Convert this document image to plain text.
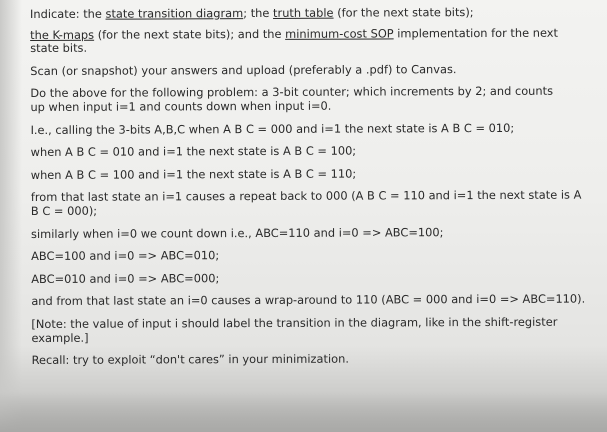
Indicate: the state transition diagram; the truth table (for the next state bits);
the K-maps (for the next state bits); and the minimum-cost SOP implementation for the next
state bits.
Scan (or snapshot) your answers and upload (preferably a .pdf) to Canvas.
Do the above for the following problem: a 3-bit counter; which increments by 2; and counts
up when input i=1 and counts down when input i=0.
I.e., calling the 3-bits A,B,C when A B C = 000 and i=1 the next state is A B C = 010;
when A B C = 010 and i=1 the next state is A B C = 100;
when A B C = 100 and i=1 the next state is A B C = 110;
from that last state an i=1 causes a repeat back to 000 (A B C = 110 and i=1 the next state is A
B C = 000);
similarly when i=0 we count down i.e., ABC=110 and i=0 => ABC=100;
ABC=100 and i=0 => ABC=010;
ABC=010 and i=0 => ABC=000;
and from that last state an i=0 causes a wrap-around to 110 (ABC = 000 and i=0 => ABC=110).
[Note: the value of input i should label the transition in the diagram, like in the shift-register
example.]
Recall: try to exploit “don't cares” in your minimization.
